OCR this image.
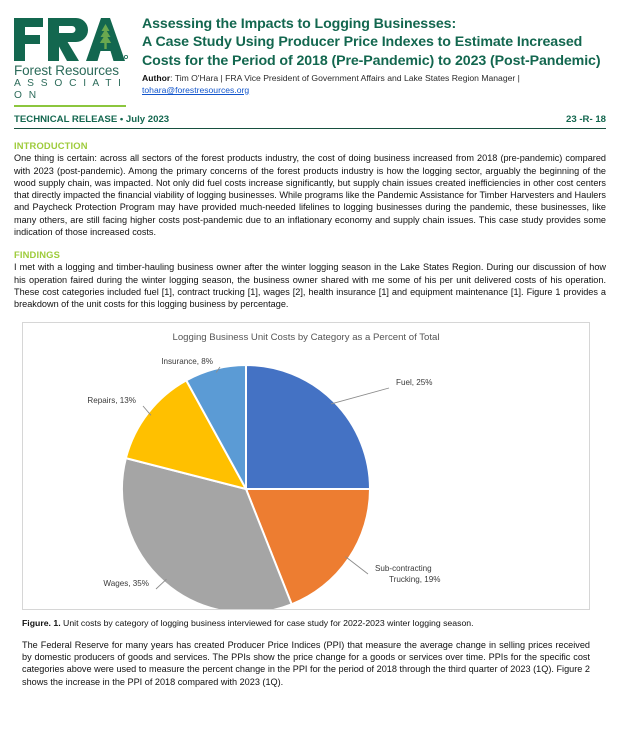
Forest Resources
A S S O C I A T I O N
Assessing the Impacts to Logging Businesses:
A Case Study Using Producer Price Indexes to Estimate Increased
Costs for the Period of 2018 (Pre-Pandemic) to 2023 (Post-Pandemic)
Author: Tim O'Hara | FRA Vice President of Government Affairs and Lake States Region Manager |
tohara@forestresources.org
TECHNICAL RELEASE • July 2023	23 -R- 18
INTRODUCTION
One thing is certain: across all sectors of the forest products industry, the cost of doing business increased from 2018 (pre-pandemic) compared with 2023 (post-pandemic). Among the primary concerns of the forest products industry is how the logging sector, arguably the beginning of the wood supply chain, was impacted. Not only did fuel costs increase significantly, but supply chain issues created inefficiencies in other cost centers that directly impacted the financial viability of logging businesses. While programs like the Pandemic Assistance for Timber Harvesters and Haulers and Paycheck Protection Program may have provided much-needed lifelines to logging businesses during the pandemic, these businesses, like many others, are still facing higher costs post-pandemic due to an inflationary economy and supply chain issues. This case study provides some indication of those increased costs.
FINDINGS
I met with a logging and timber-hauling business owner after the winter logging season in the Lake States Region. During our discussion of how his operation faired during the winter logging season, the business owner shared with me some of his per unit delivered costs of his operation. These cost categories included fuel [1], contract trucking [1], wages [2], health insurance [1] and equipment maintenance [1]. Figure 1 provides a breakdown of the unit costs for this logging business by percentage.
Logging Business Unit Costs by Category as a Percent of Total
Fuel, 25%
Sub-contracting Trucking, 19%
Wages, 35%
Repairs, 13%
Insurance, 8%
Figure. 1. Unit costs by category of logging business interviewed for case study for 2022-2023 winter logging season.
The Federal Reserve for many years has created Producer Price Indices (PPI) that measure the average change in selling prices received by domestic producers of goods and services. The PPIs show the price change for a goods or services over time. PPIs for the specific cost categories above were used to measure the percent change in the PPI for the period of 2018 through the third quarter of 2023 (1Q). Figure 2 shows the increase in the PPI of 2018 compared with 2023 (1Q).
